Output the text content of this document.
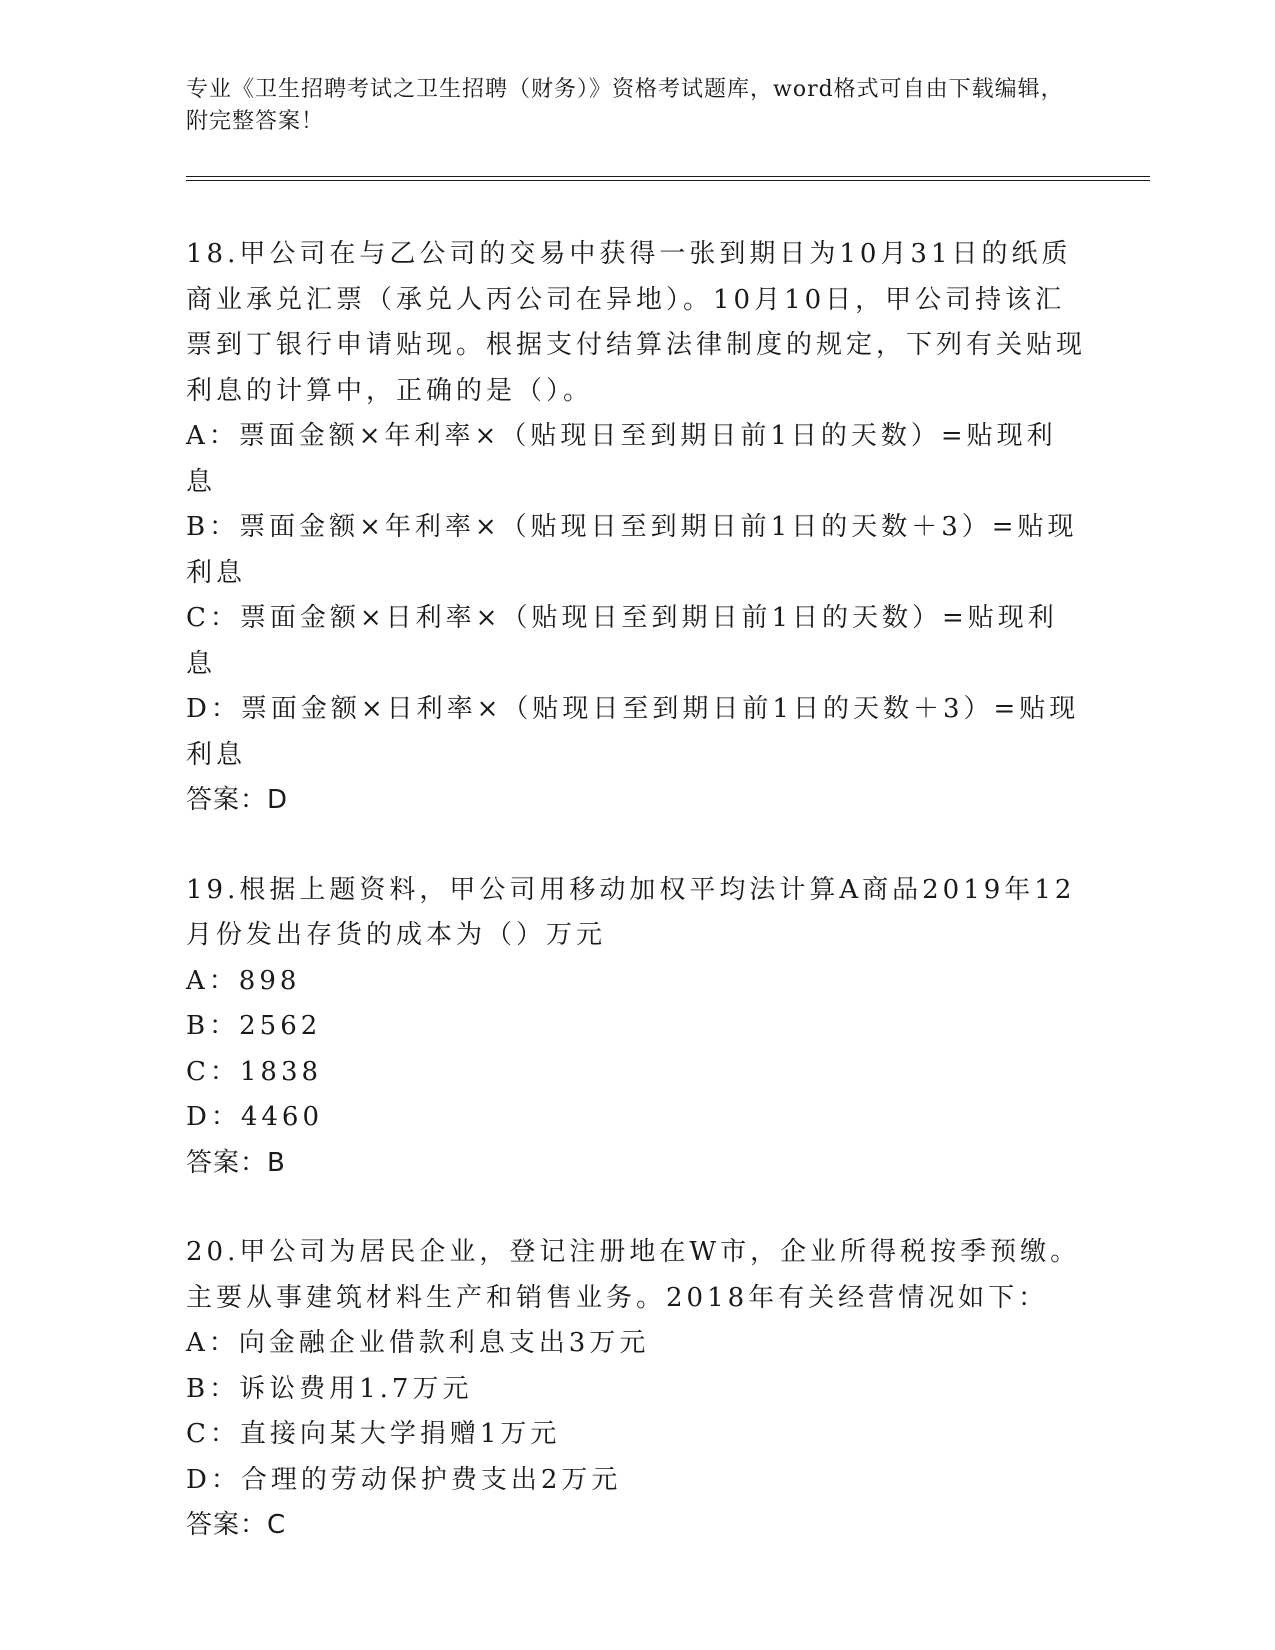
专业《卫生招聘考试之卫生招聘（财务）》资格考试题库，word格式可自由下载编辑，附完整答案！

18.甲公司在与乙公司的交易中获得一张到期日为10月31日的纸质商业承兑汇票（承兑人丙公司在异地）。10月10日，甲公司持该汇票到丁银行申请贴现。根据支付结算法律制度的规定，下列有关贴现利息的计算中，正确的是（）。

A：票面金额×年利率×（贴现日至到期日前1日的天数）=贴现利息

B：票面金额×年利率×（贴现日至到期日前1日的天数＋3）=贴现利息

C：票面金额×日利率×（贴现日至到期日前1日的天数）=贴现利息

D：票面金额×日利率×（贴现日至到期日前1日的天数＋3）=贴现利息

答案：D

19.根据上题资料，甲公司用移动加权平均法计算A商品2019年12月份发出存货的成本为（）万元

A：898

B：2562

C：1838

D：4460

答案：B

20.甲公司为居民企业，登记注册地在W市，企业所得税按季预缴。主要从事建筑材料生产和销售业务。2018年有关经营情况如下：

A：向金融企业借款利息支出3万元

B：诉讼费用1.7万元

C：直接向某大学捐赠1万元

D：合理的劳动保护费支出2万元

答案：C
